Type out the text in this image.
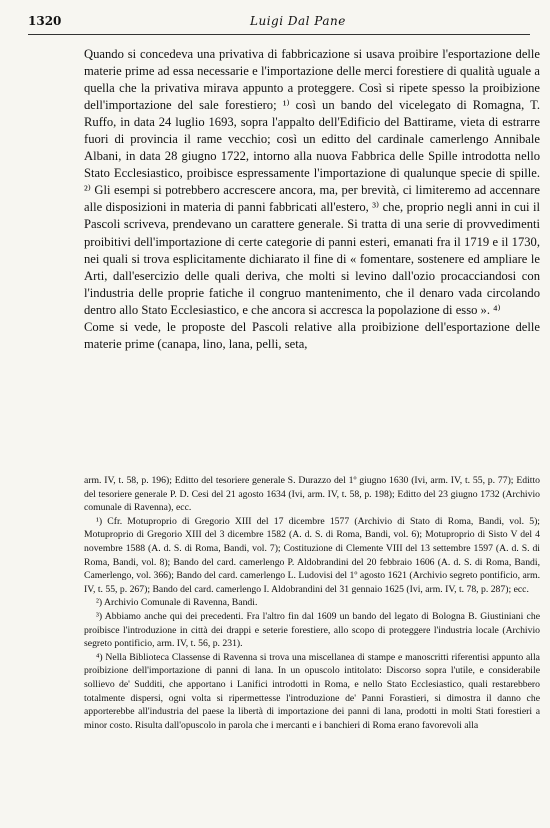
1320	Luigi Dal Pane

Quando si concedeva una privativa di fabbricazione si usava proibire l'esportazione delle materie prime ad essa necessarie e l'importazione delle merci forestiere di qualità uguale a quella che la privativa mirava appunto a proteggere. Così si ripete spesso la proibizione dell'importazione del sale forestiero; ¹⁾ così un bando del vicelegato di Romagna, T. Ruffo, in data 24 luglio 1693, sopra l'appalto dell'Edificio del Battirame, vieta di estrarre fuori di provincia il rame vecchio; così un editto del cardinale camerlengo Annibale Albani, in data 28 giugno 1722, intorno alla nuova Fabbrica delle Spille introdotta nello Stato Ecclesiastico, proibisce espressamente l'importazione di qualunque specie di spille. ²⁾ Gli esempi si potrebbero accrescere ancora, ma, per brevità, ci limiteremo ad accennare alle disposizioni in materia di panni fabbricati all'estero, ³⁾ che, proprio negli anni in cui il Pascoli scriveva, prendevano un carattere generale. Si tratta di una serie di provvedimenti proibitivi dell'importazione di certe categorie di panni esteri, emanati fra il 1719 e il 1730, nei quali si trova esplicitamente dichiarato il fine di « fomentare, sostenere ed ampliare le Arti, dall'esercizio delle quali deriva, che molti si levino dall'ozio procacciandosi con l'industria delle proprie fatiche il congruo mantenimento, che il denaro vada circolando dentro allo Stato Ecclesiastico, e che ancora si accresca la popolazione di esso ». ⁴⁾

Come si vede, le proposte del Pascoli relative alla proibizione dell'esportazione delle materie prime (canapa, lino, lana, pelli, seta,

arm. IV, t. 58, p. 196); Editto del tesoriere generale S. Durazzo del 1º giugno 1630 (Ivi, arm. IV, t. 55, p. 77); Editto del tesoriere generale P. D. Cesi del 21 agosto 1634 (Ivi, arm. IV, t. 58, p. 198); Editto del 23 giugno 1732 (Archivio comunale di Ravenna), ecc.

¹) Cfr. Motuproprio di Gregorio XIII del 17 dicembre 1577 (Archivio di Stato di Roma, Bandi, vol. 5); Motuproprio di Gregorio XIII del 3 dicembre 1582 (A. d. S. di Roma, Bandi, vol. 6); Motuproprio di Sisto V del 4 novembre 1588 (A. d. S. di Roma, Bandi, vol. 7); Costituzione di Clemente VIII del 13 settembre 1597 (A. d. S. di Roma, Bandi, vol. 8); Bando del card. camerlengo P. Aldobrandini del 20 febbraio 1606 (A. d. S. di Roma, Bandi, Camerlengo, vol. 366); Bando del card. camerlengo L. Ludovisi del 1º agosto 1621 (Archivio segreto pontificio, arm. IV, t. 55, p. 267); Bando del card. camerlengo I. Aldobrandini del 31 gennaio 1625 (Ivi, arm. IV, t. 78, p. 287); ecc.

²) Archivio Comunale di Ravenna, Bandi.

³) Abbiamo anche qui dei precedenti. Fra l'altro fin dal 1609 un bando del legato di Bologna B. Giustiniani che proibisce l'introduzione in città dei drappi e seterie forestiere, allo scopo di proteggere l'industria locale (Archivio segreto pontificio, arm. IV, t. 56, p. 231).

⁴) Nella Biblioteca Classense di Ravenna si trova una miscellanea di stampe e manoscritti riferentisi appunto alla proibizione dell'importazione di panni di lana. In un opuscolo intitolato: Discorso sopra l'utile, e considerabile sollievo de' Sudditi, che apportano i Lanifici introdotti in Roma, e nello Stato Ecclesiastico, quali restarebbero totalmente dispersi, ogni volta si ripermettesse l'introduzione de' Panni Forastieri, si dimostra il danno che apporterebbe all'industria del paese la libertà di importazione dei panni di lana, prodotti in molti Stati forestieri a minor costo. Risulta dall'opuscolo in parola che i mercanti e i banchieri di Roma erano favorevoli alla
